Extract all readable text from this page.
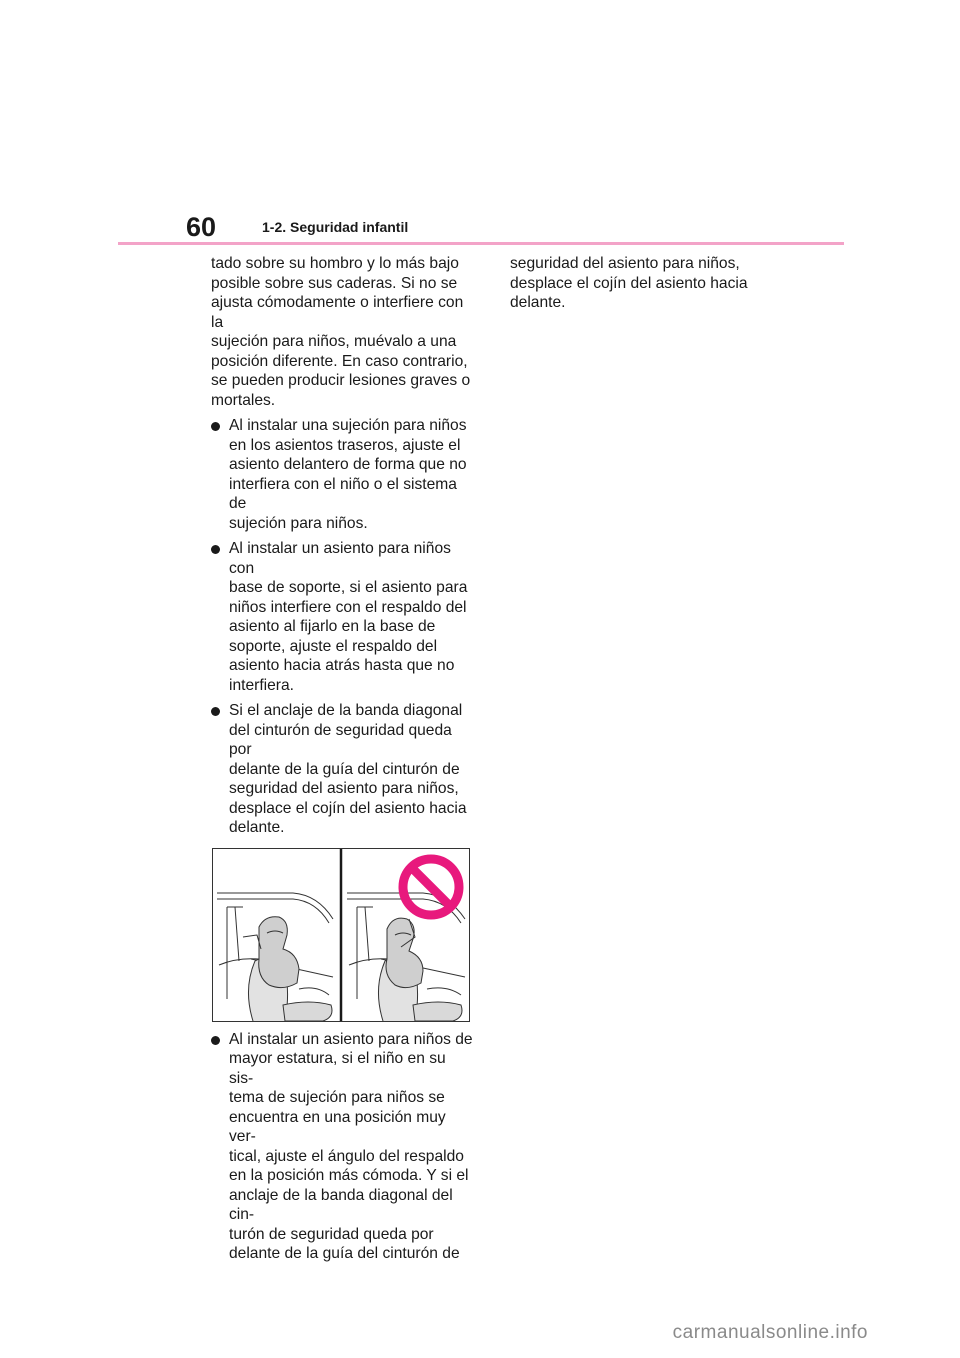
60	1-2. Seguridad infantil

tado sobre su hombro y lo más bajo
posible sobre sus caderas. Si no se
ajusta cómodamente o interfiere con la
sujeción para niños, muévalo a una
posición diferente. En caso contrario,
se pueden producir lesiones graves o
mortales.

Al instalar una sujeción para niños
en los asientos traseros, ajuste el
asiento delantero de forma que no
interfiera con el niño o el sistema de
sujeción para niños.
Al instalar un asiento para niños con
base de soporte, si el asiento para
niños interfiere con el respaldo del
asiento al fijarlo en la base de
soporte, ajuste el respaldo del
asiento hacia atrás hasta que no
interfiera.
Si el anclaje de la banda diagonal
del cinturón de seguridad queda por
delante de la guía del cinturón de
seguridad del asiento para niños,
desplace el cojín del asiento hacia
delante.
Al instalar un asiento para niños de
mayor estatura, si el niño en su sis-
tema de sujeción para niños se
encuentra en una posición muy ver-
tical, ajuste el ángulo del respaldo
en la posición más cómoda. Y si el
anclaje de la banda diagonal del cin-
turón de seguridad queda por
delante de la guía del cinturón de

seguridad del asiento para niños,
desplace el cojín del asiento hacia
delante.

carmanualsonline.info
